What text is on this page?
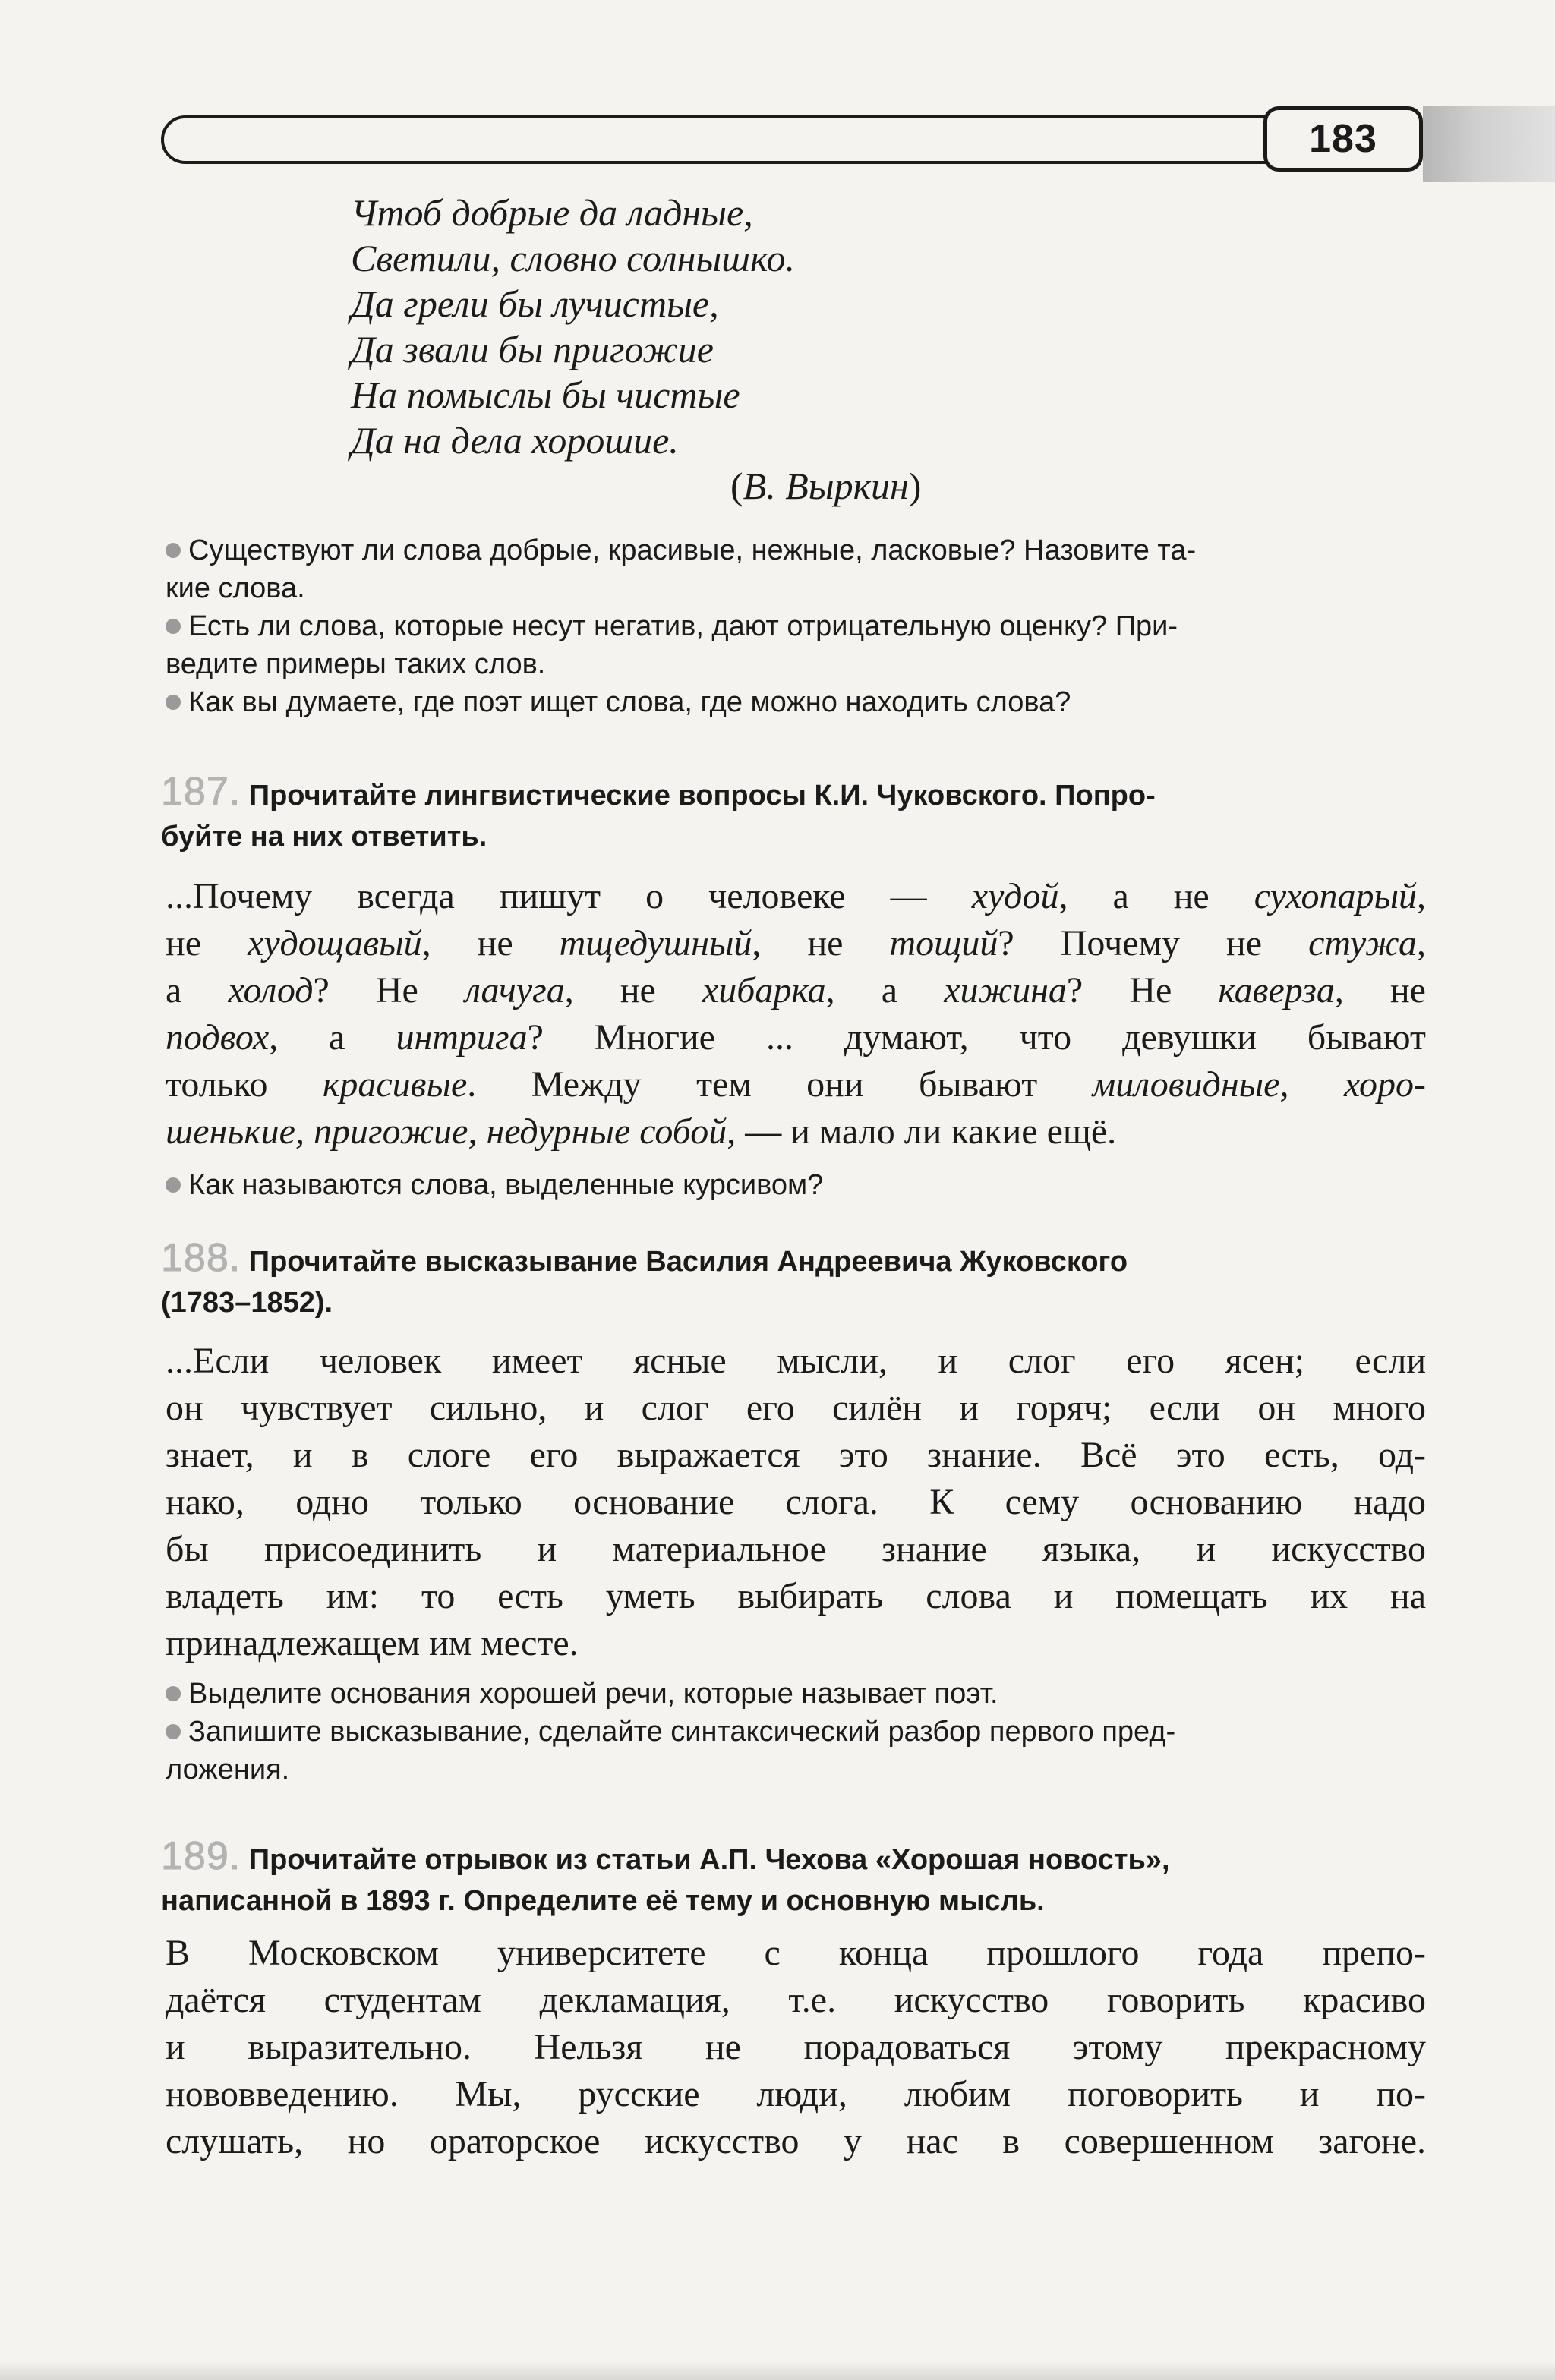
183
Чтоб добрые да ладные,
Светили, словно солнышко.
Да грели бы лучистые,
Да звали бы пригожие
На помыслы бы чистые
Да на дела хорошие.
(В. Выркин)
Существуют ли слова добрые, красивые, нежные, ласковые? Назовите та-
кие слова.
Есть ли слова, которые несут негатив, дают отрицательную оценку? При-
ведите примеры таких слов.
Как вы думаете, где поэт ищет слова, где можно находить слова?
187. Прочитайте лингвистические вопросы К.И. Чуковского. Попро-
буйте на них ответить.
...Почему всегда пишут о человеке — худой, а не сухопарый,
не худощавый, не тщедушный, не тощий? Почему не стужа,
а холод? Не лачуга, не хибарка, а хижина? Не каверза, не
подвох, а интрига? Многие ... думают, что девушки бывают
только красивые. Между тем они бывают миловидные, хоро-
шенькие, пригожие, недурные собой, — и мало ли какие ещё.
Как называются слова, выделенные курсивом?
188. Прочитайте высказывание Василия Андреевича Жуковского
(1783–1852).
...Если человек имеет ясные мысли, и слог его ясен; если
он чувствует сильно, и слог его силён и горяч; если он много
знает, и в слоге его выражается это знание. Всё это есть, од-
нако, одно только основание слога. К сему основанию надо
бы присоединить и материальное знание языка, и искусство
владеть им: то есть уметь выбирать слова и помещать их на
принадлежащем им месте.
Выделите основания хорошей речи, которые называет поэт.
Запишите высказывание, сделайте синтаксический разбор первого пред-
ложения.
189. Прочитайте отрывок из статьи А.П. Чехова «Хорошая новость»,
написанной в 1893 г. Определите её тему и основную мысль.
В Московском университете с конца прошлого года препо-
даётся студентам декламация, т.е. искусство говорить красиво
и выразительно. Нельзя не порадоваться этому прекрасному
нововведению. Мы, русские люди, любим поговорить и по-
слушать, но ораторское искусство у нас в совершенном загоне.
